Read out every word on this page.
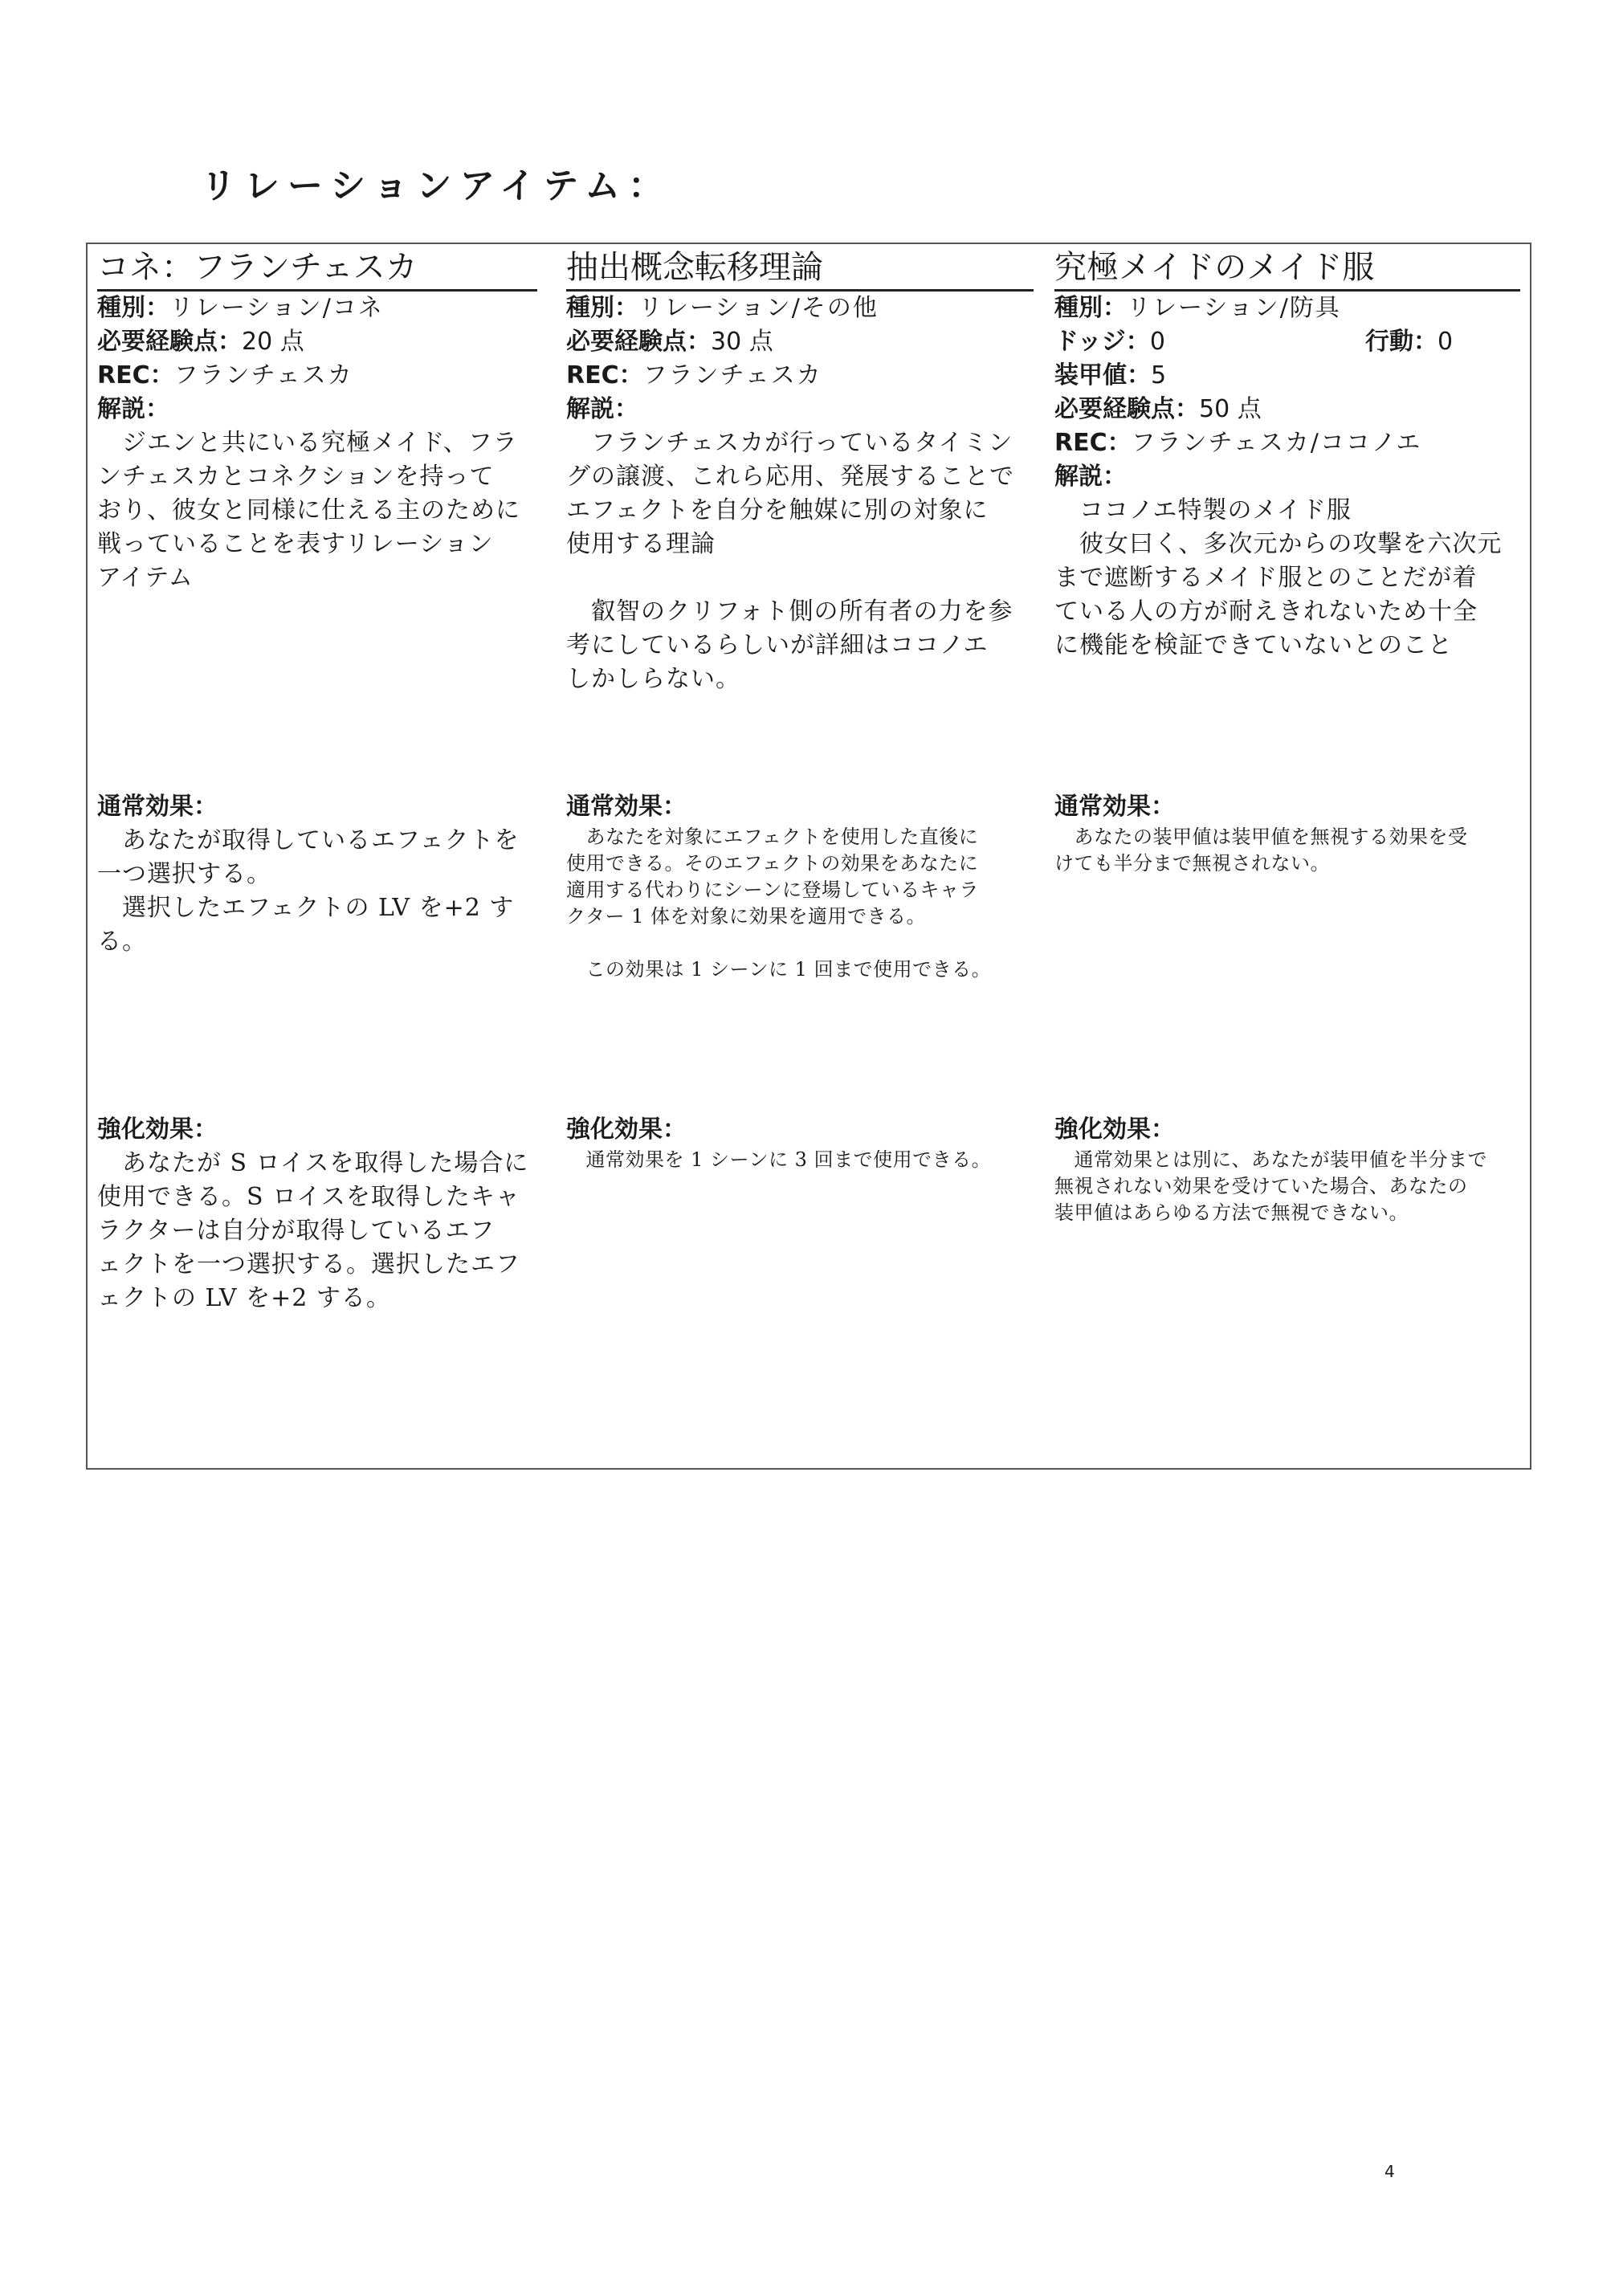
リレーションアイテム：
コネ：フランチェスカ
種別：リレーション/コネ
必要経験点：20 点
REC：フランチェスカ
解説：
　ジエンと共にいる究極メイド、フラ
ンチェスカとコネクションを持って
おり、彼女と同様に仕える主のために
戦っていることを表すリレーション
アイテム
通常効果：
　あなたが取得しているエフェクトを
一つ選択する。
　選択したエフェクトの LV を+2 する。
強化効果：
　あなたが S ロイスを取得した場合に
使用できる。S ロイスを取得したキャ
ラクターは自分が取得しているエフ
ェクトを一つ選択する。選択したエフ
ェクトの LV を+2 する。
抽出概念転移理論
種別：リレーション/その他
必要経験点：30 点
REC：フランチェスカ
解説：
　フランチェスカが行っているタイミン
グの譲渡、これら応用、発展することで
エフェクトを自分を触媒に別の対象に
使用する理論
　叡智のクリフォト側の所有者の力を参
考にしているらしいが詳細はココノエ
しかしらない。
通常効果：
　あなたを対象にエフェクトを使用した直後に
使用できる。そのエフェクトの効果をあなたに
適用する代わりにシーンに登場しているキャラ
クター 1 体を対象に効果を適用できる。
　この効果は 1 シーンに 1 回まで使用できる。
強化効果：
　通常効果を 1 シーンに 3 回まで使用できる。
究極メイドのメイド服
種別：リレーション/防具
ドッジ：0	行動：0
装甲値：5
必要経験点：50 点
REC：フランチェスカ/ココノエ
解説：
　ココノエ特製のメイド服
　彼女曰く、多次元からの攻撃を六次元
まで遮断するメイド服とのことだが着
ている人の方が耐えきれないため十全
に機能を検証できていないとのこと
通常効果：
　あなたの装甲値は装甲値を無視する効果を受
けても半分まで無視されない。
強化効果：
　通常効果とは別に、あなたが装甲値を半分まで
無視されない効果を受けていた場合、あなたの
装甲値はあらゆる方法で無視できない。
4
